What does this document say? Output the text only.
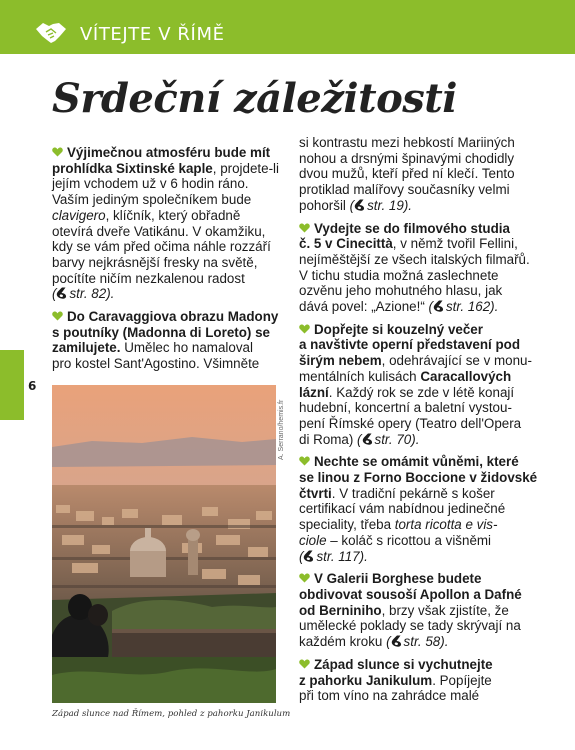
VÍTEJTE V ŘÍMĚ
Srdeční záležitosti
6
Výjimečnou atmosféru bude mít
prohlídka Sixtinské kaple, projdete-li
jejím vchodem už v 6 hodin ráno.
Vaším jediným společníkem bude
clavigero, klíčník, který obřadně
otevírá dveře Vatikánu. V okamžiku,
kdy se vám před očima náhle rozzáří
barvy nejkrásnější fresky na světě,
pocítíte ničím nezkalenou radost
( str. 82).
Do Caravaggiova obrazu Madony
s poutníky (Madonna di Loreto) se
zamilujete. Umělec ho namaloval
pro kostel Sant'Agostino. Všimněte
A. Serrano/hemis.fr
Západ slunce nad Římem, pohled z pahorku Janikulum
si kontrastu mezi hebkostí Mariiných
nohou a drsnými špinavými chodidly
dvou mužů, kteří před ní klečí. Tento
protiklad malířovy současníky velmi
pohoršil ( str. 19).
Vydejte se do filmového studia
č. 5 v Cinecittà, v němž tvořil Fellini,
nejíměštější ze všech italských filmařů.
V tichu studia možná zaslechnete
ozvěnu jeho mohutného hlasu, jak
dává povel: „Azione!“ ( str. 162).
Dopřejte si kouzelný večer
a navštivte operní představení pod
širým nebem, odehrávající se v monu-
mentálních kulisách Caracallových
lázní. Každý rok se zde v létě konají
hudební, koncertní a baletní vystou-
pení Římské opery (Teatro dell'Opera
di Roma) ( str. 70).
Nechte se omámit vůněmi, které
se linou z Forno Boccione v židovské
čtvrti. V tradiční pekárně s košer
certifikací vám nabídnou jedinečné
speciality, třeba torta ricotta e vis-
ciole – koláč s ricottou a višněmi
( str. 117).
V Galerii Borghese budete
obdivovat sousoší Apollon a Dafné
od Berniniho, brzy však zjistíte, že
umělecké poklady se tady skrývají na
každém kroku ( str. 58).
Západ slunce si vychutnejte
z pahorku Janikulum. Popíjejte
při tom víno na zahrádce malé
